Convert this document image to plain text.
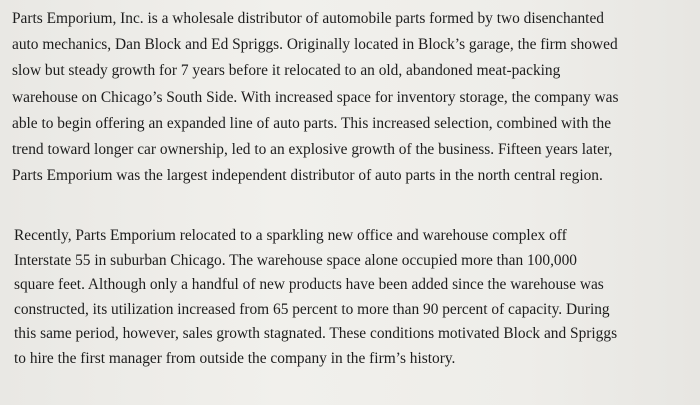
Parts Emporium, Inc. is a wholesale distributor of automobile parts formed by two disenchanted
auto mechanics, Dan Block and Ed Spriggs. Originally located in Block’s garage, the firm showed
slow but steady growth for 7 years before it relocated to an old, abandoned meat-packing
warehouse on Chicago’s South Side. With increased space for inventory storage, the company was
able to begin offering an expanded line of auto parts. This increased selection, combined with the
trend toward longer car ownership, led to an explosive growth of the business. Fifteen years later,
Parts Emporium was the largest independent distributor of auto parts in the north central region.

Recently, Parts Emporium relocated to a sparkling new office and warehouse complex off
Interstate 55 in suburban Chicago. The warehouse space alone occupied more than 100,000
square feet. Although only a handful of new products have been added since the warehouse was
constructed, its utilization increased from 65 percent to more than 90 percent of capacity. During
this same period, however, sales growth stagnated. These conditions motivated Block and Spriggs
to hire the first manager from outside the company in the firm’s history.
